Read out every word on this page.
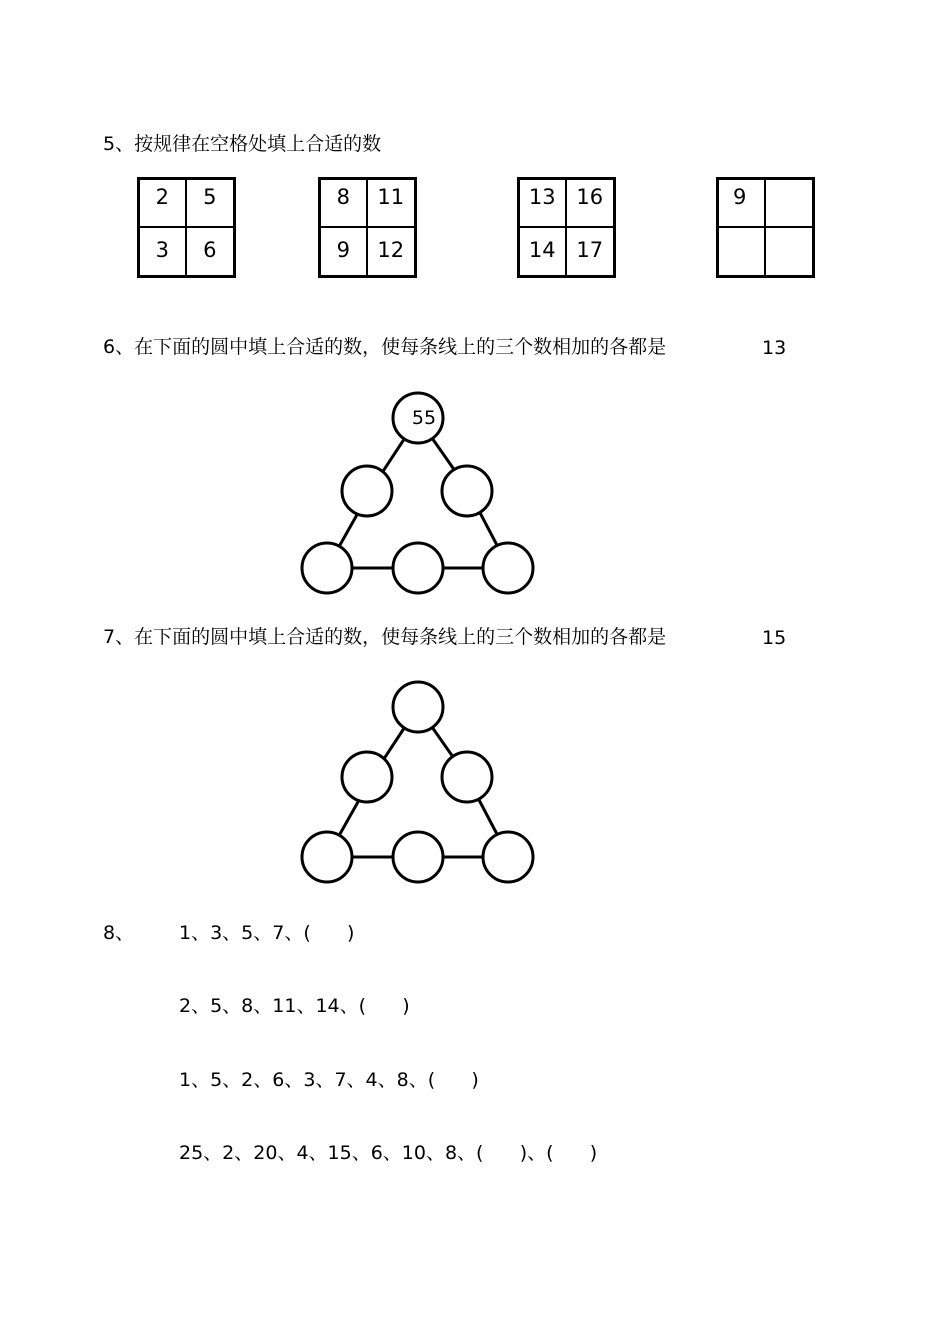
5、按规律在空格处填上合适的数
2	5
3	6
8	11
9	12
13 16
14 17
9
6、在下面的圆中填上合适的数，使每条线上的三个数相加的各都是	13
55
7、在下面的圆中填上合适的数，使每条线上的三个数相加的各都是	15
8、 1、3、5、7、(      )
2、5、8、11、14、(      )
1、5、2、6、3、7、4、8、(      )
25、2、20、4、15、6、10、8、(      )、(      )
